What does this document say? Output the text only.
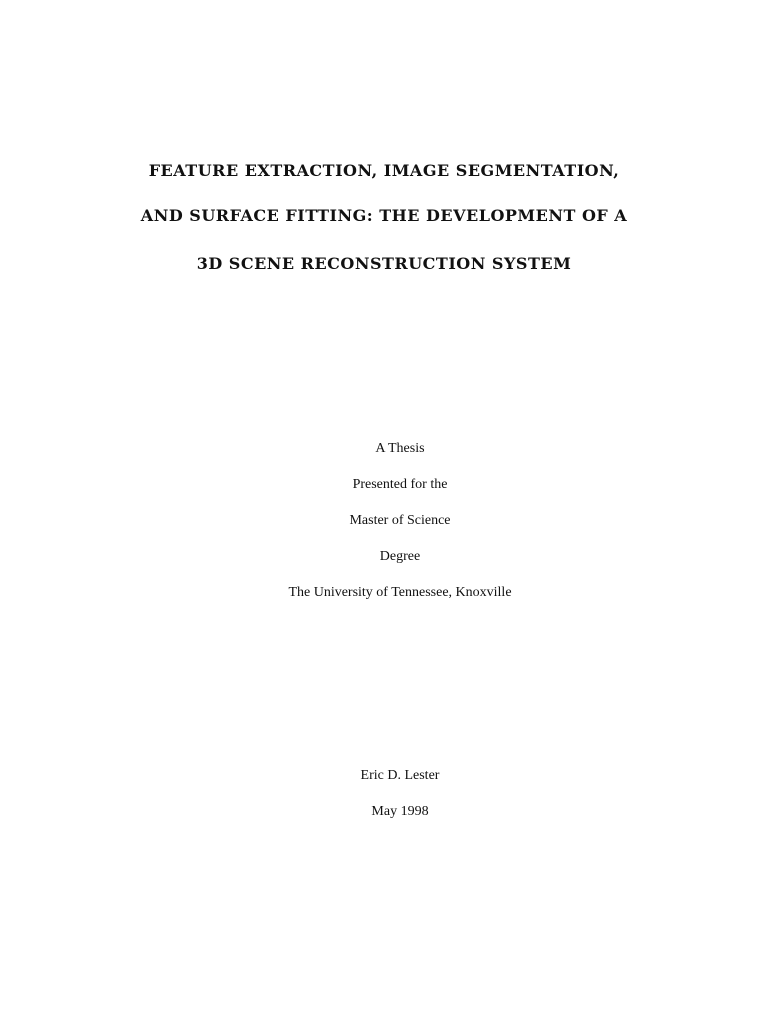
FEATURE EXTRACTION, IMAGE SEGMENTATION,
AND SURFACE FITTING: THE DEVELOPMENT OF A
3D SCENE RECONSTRUCTION SYSTEM
A Thesis
Presented for the
Master of Science
Degree
The University of Tennessee, Knoxville
Eric D. Lester
May 1998
